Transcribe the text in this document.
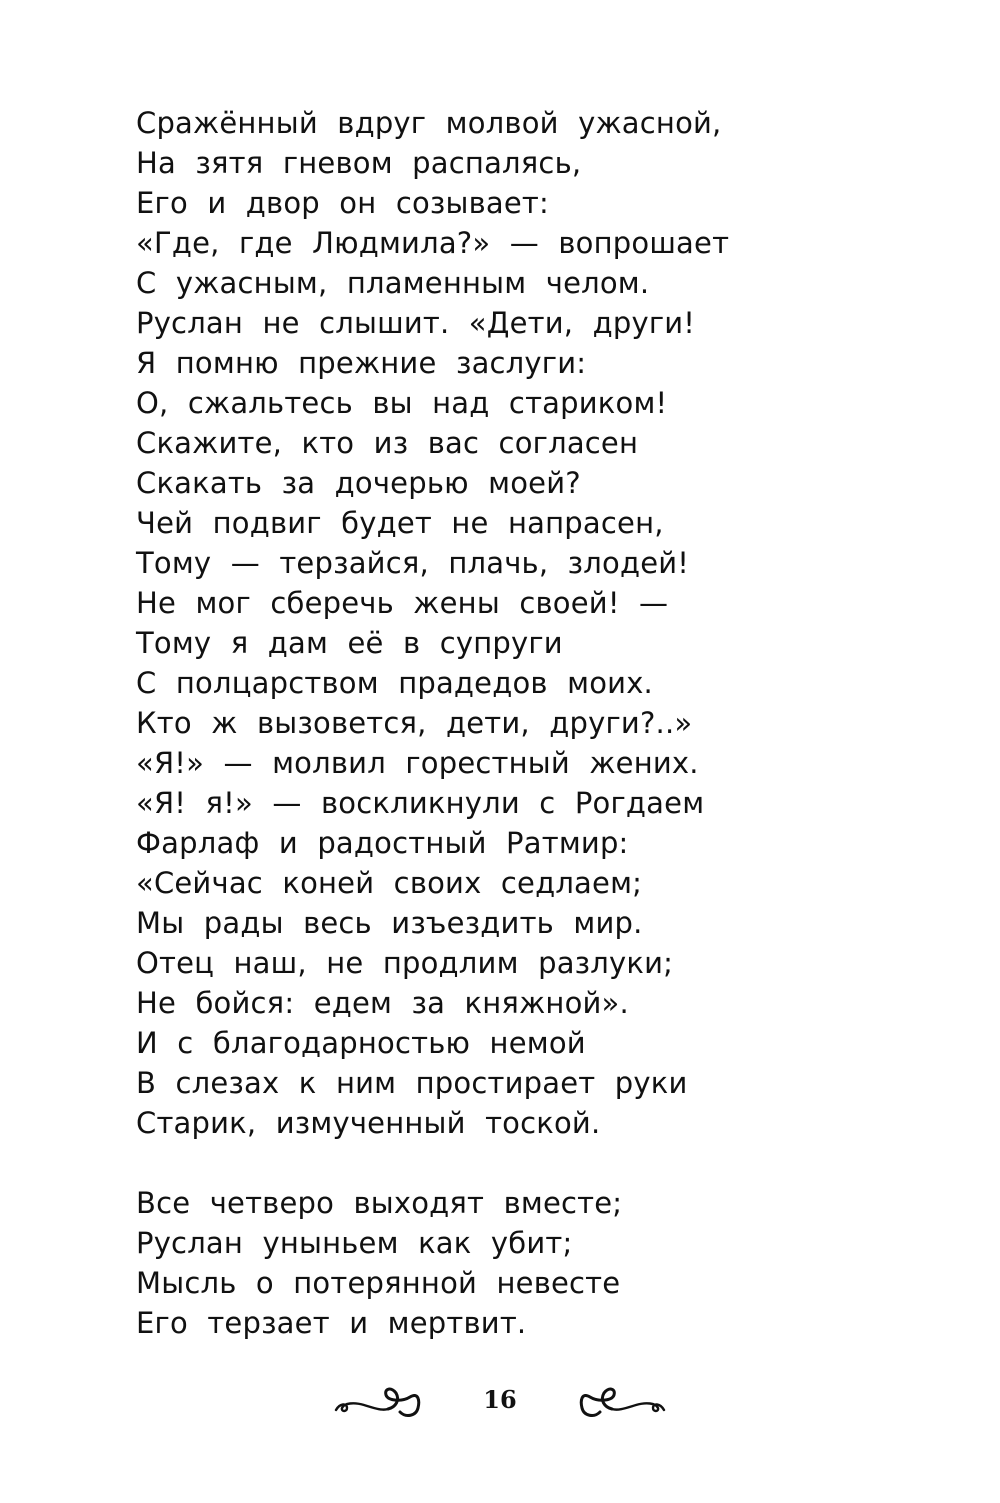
Сражённый вдруг молвой ужасной,
На зятя гневом распалясь,
Его и двор он созывает:
«Где, где Людмила?» — вопрошает
С ужасным, пламенным челом.
Руслан не слышит. «Дети, други!
Я помню прежние заслуги:
О, сжальтесь вы над стариком!
Скажите, кто из вас согласен
Скакать за дочерью моей?
Чей подвиг будет не напрасен,
Тому — терзайся, плачь, злодей!
Не мог сберечь жены своей! —
Тому я дам её в супруги
С полцарством прадедов моих.
Кто ж вызовется, дети, други?..»
«Я!» — молвил горестный жених.
«Я! я!» — воскликнули с Рогдаем
Фарлаф и радостный Ратмир:
«Сейчас коней своих седлаем;
Мы рады весь изъездить мир.
Отец наш, не продлим разлуки;
Не бойся: едем за княжной».
И с благодарностью немой
В слезах к ним простирает руки
Старик, измученный тоской.
Все четверо выходят вместе;
Руслан уныньем как убит;
Мысль о потерянной невесте
Его терзает и мертвит.
16
